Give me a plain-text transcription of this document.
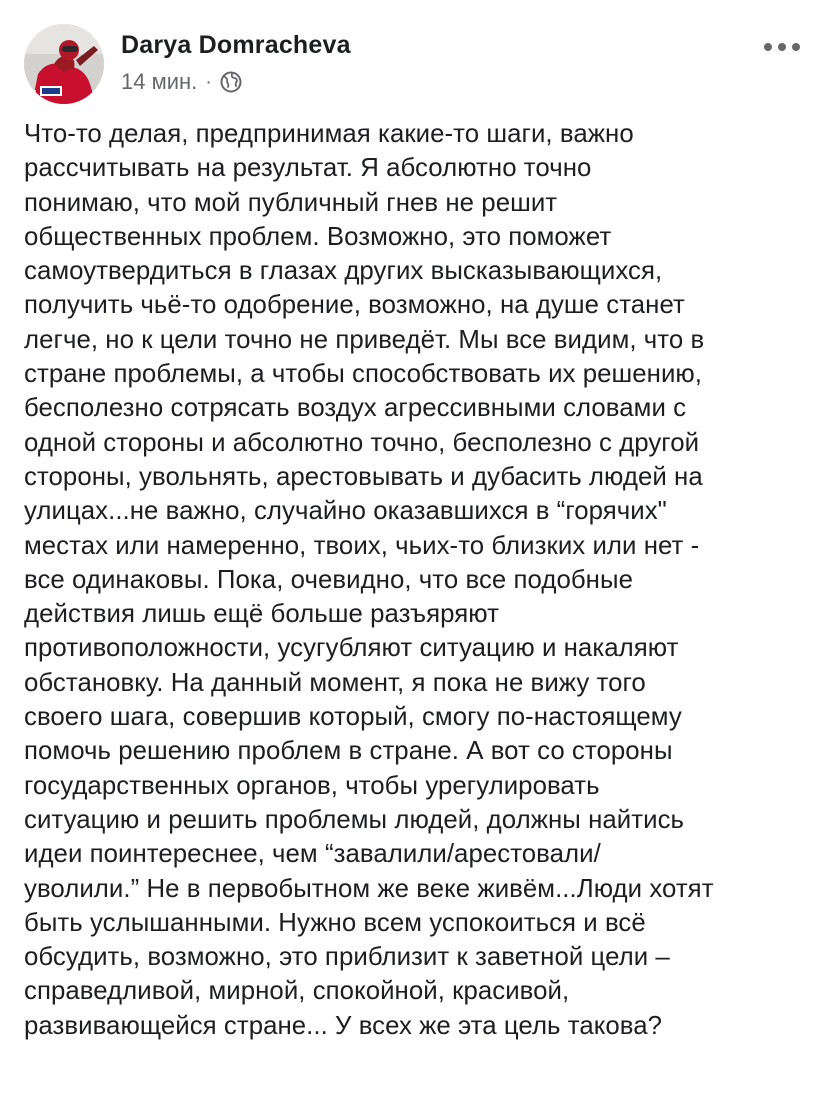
Darya Domracheva
14 мин. ·
Что-то делая, предпринимая какие-то шаги, важно
рассчитывать на результат. Я абсолютно точно
понимаю, что мой публичный гнев не решит
общественных проблем. Возможно, это поможет
самоутвердиться в глазах других высказывающихся,
получить чьё-то одобрение, возможно, на душе станет
легче, но к цели точно не приведёт. Мы все видим, что в
стране проблемы, а чтобы способствовать их решению,
бесполезно сотрясать воздух агрессивными словами с
одной стороны и абсолютно точно, бесполезно с другой
стороны, увольнять, арестовывать и дубасить людей на
улицах...не важно, случайно оказавшихся в “горячих"
местах или намеренно, твоих, чьих-то близких или нет -
все одинаковы. Пока, очевидно, что все подобные
действия лишь ещё больше разъяряют
противоположности, усугубляют ситуацию и накаляют
обстановку. На данный момент, я пока не вижу того
своего шага, совершив который, смогу по-настоящему
помочь решению проблем в стране. А вот со стороны
государственных органов, чтобы урегулировать
ситуацию и решить проблемы людей, должны найтись
идеи поинтереснее, чем “завалили/арестовали/
уволили.” Не в первобытном же веке живём...Люди хотят
быть услышанными. Нужно всем успокоиться и всё
обсудить, возможно, это приблизит к заветной цели –
справедливой, мирной, спокойной, красивой,
развивающейся стране... У всех же эта цель такова?
